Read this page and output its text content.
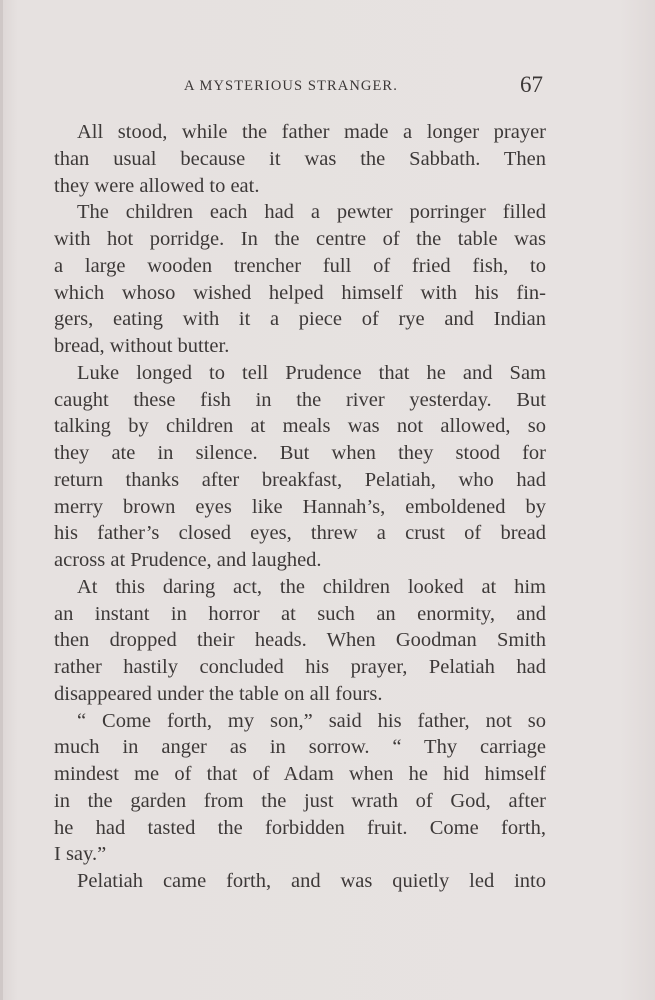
A MYSTERIOUS STRANGER.	67
All stood, while the father made a longer prayer
than usual because it was the Sabbath. Then
they were allowed to eat.
The children each had a pewter porringer filled
with hot porridge. In the centre of the table was
a large wooden trencher full of fried fish, to
which whoso wished helped himself with his fin-
gers, eating with it a piece of rye and Indian
bread, without butter.
Luke longed to tell Prudence that he and Sam
caught these fish in the river yesterday. But
talking by children at meals was not allowed, so
they ate in silence. But when they stood for
return thanks after breakfast, Pelatiah, who had
merry brown eyes like Hannah’s, emboldened by
his father’s closed eyes, threw a crust of bread
across at Prudence, and laughed.
At this daring act, the children looked at him
an instant in horror at such an enormity, and
then dropped their heads. When Goodman Smith
rather hastily concluded his prayer, Pelatiah had
disappeared under the table on all fours.
“ Come forth, my son,” said his father, not so
much in anger as in sorrow. “ Thy carriage
mindest me of that of Adam when he hid himself
in the garden from the just wrath of God, after
he had tasted the forbidden fruit. Come forth,
I say.”
Pelatiah came forth, and was quietly led into
